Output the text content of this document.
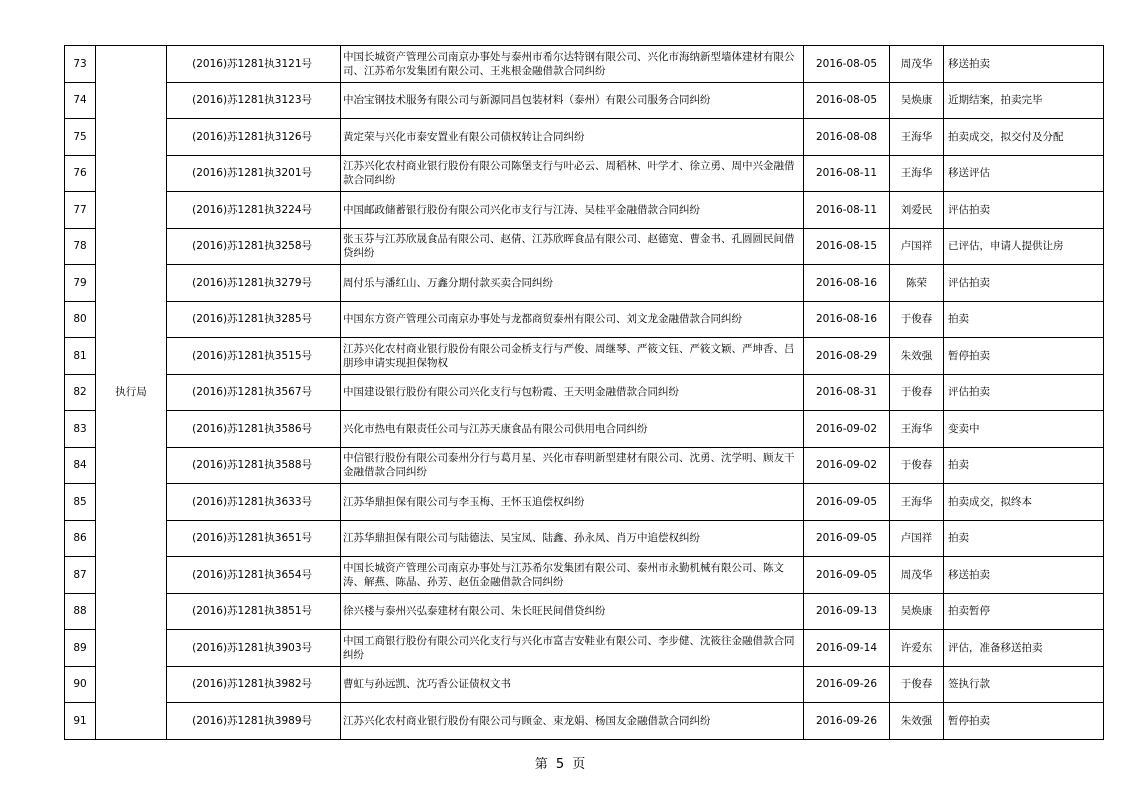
73	执行局	(2016)苏1281执3121号	中国长城资产管理公司南京办事处与泰州市希尔达特钢有限公司、兴化市海纳新型墙体建材有限公司、江苏希尔发集团有限公司、王兆根金融借款合同纠纷	2016-08-05	周茂华	移送拍卖
74		(2016)苏1281执3123号	中冶宝钢技术服务有限公司与新源同昌包装材料（泰州）有限公司服务合同纠纷	2016-08-05	吴焕康	近期结案，拍卖完毕
75		(2016)苏1281执3126号	黄定荣与兴化市泰安置业有限公司债权转让合同纠纷	2016-08-08	王海华	拍卖成交，拟交付及分配
76		(2016)苏1281执3201号	江苏兴化农村商业银行股份有限公司陈堡支行与叶必云、周稻林、叶学才、徐立勇、周中兴金融借款合同纠纷	2016-08-11	王海华	移送评估
77		(2016)苏1281执3224号	中国邮政储蓄银行股份有限公司兴化市支行与江涛、吴桂平金融借款合同纠纷	2016-08-11	刘爱民	评估拍卖
78		(2016)苏1281执3258号	张玉芬与江苏欣晟食品有限公司、赵倩、江苏欣晖食品有限公司、赵德宽、曹金书、孔圆圆民间借贷纠纷	2016-08-15	卢国祥	已评估，申请人提供让房
79		(2016)苏1281执3279号	周付乐与潘红山、万鑫分期付款买卖合同纠纷	2016-08-16	陈荣	评估拍卖
80		(2016)苏1281执3285号	中国东方资产管理公司南京办事处与龙都商贸泰州有限公司、刘文龙金融借款合同纠纷	2016-08-16	于俊春	拍卖
81		(2016)苏1281执3515号	江苏兴化农村商业银行股份有限公司金桥支行与严俊、周继琴、严筱文钰、严筱文颖、严坤香、吕朋珍申请实现担保物权	2016-08-29	朱效强	暂停拍卖
82		(2016)苏1281执3567号	中国建设银行股份有限公司兴化支行与包粉霞、王天明金融借款合同纠纷	2016-08-31	于俊春	评估拍卖
83		(2016)苏1281执3586号	兴化市热电有限责任公司与江苏天康食品有限公司供用电合同纠纷	2016-09-02	王海华	变卖中
84		(2016)苏1281执3588号	中信银行股份有限公司泰州分行与葛月星、兴化市春明新型建材有限公司、沈勇、沈学明、顾友干金融借款合同纠纷	2016-09-02	于俊春	拍卖
85		(2016)苏1281执3633号	江苏华鼎担保有限公司与李玉梅、王怀玉追偿权纠纷	2016-09-05	王海华	拍卖成交，拟终本
86		(2016)苏1281执3651号	江苏华鼎担保有限公司与陆德法、吴宝凤、陆鑫、孙永凤、肖万中追偿权纠纷	2016-09-05	卢国祥	拍卖
87		(2016)苏1281执3654号	中国长城资产管理公司南京办事处与江苏希尔发集团有限公司、泰州市永勤机械有限公司、陈文涛、解燕、陈晶、孙芳、赵伍金融借款合同纠纷	2016-09-05	周茂华	移送拍卖
88		(2016)苏1281执3851号	徐兴楼与泰州兴弘泰建材有限公司、朱长旺民间借贷纠纷	2016-09-13	吴焕康	拍卖暂停
89		(2016)苏1281执3903号	中国工商银行股份有限公司兴化支行与兴化市富吉安鞋业有限公司、李步健、沈筱往金融借款合同纠纷	2016-09-14	许爱东	评估，准备移送拍卖
90		(2016)苏1281执3982号	曹虹与孙远凯、沈巧香公证债权文书	2016-09-26	于俊春	签执行款
91		(2016)苏1281执3989号	江苏兴化农村商业银行股份有限公司与顾金、束龙娟、杨国友金融借款合同纠纷	2016-09-26	朱效强	暂停拍卖
第 5 页
